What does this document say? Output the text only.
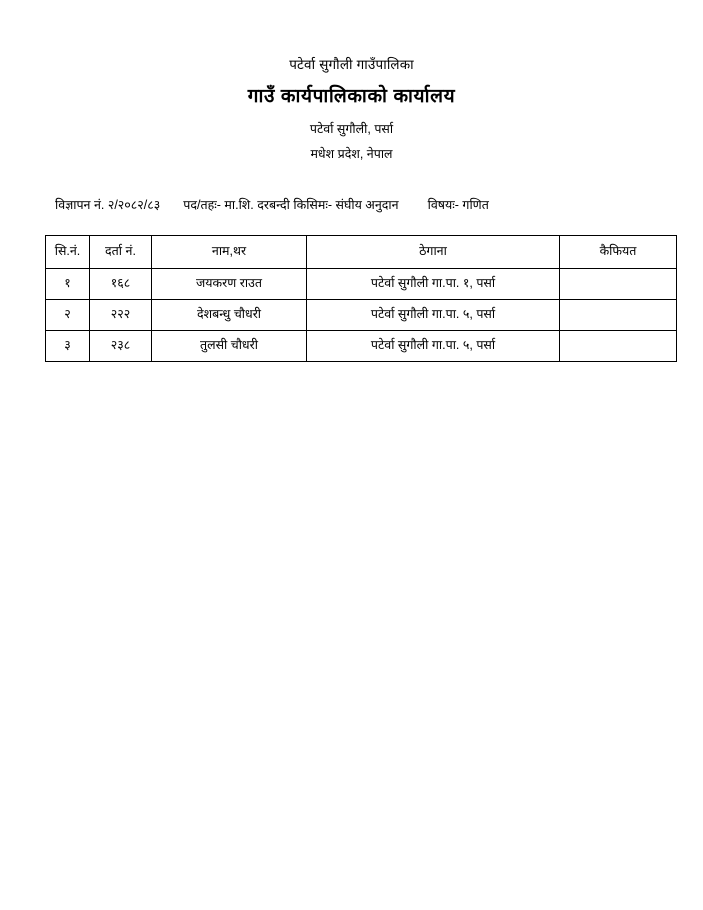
पटेर्वा सुगौली गाउँपालिका
गाउँ कार्यपालिकाको कार्यालय
पटेर्वा सुगौली, पर्सा
मधेश प्रदेश, नेपाल
विज्ञापन नं. २/२०८२/८३ पद/तहः- मा.शि. दरबन्दी किसिमः- संघीय अनुदान विषयः- गणित
सि.नं.	दर्ता नं.	नाम,थर	ठेगाना	कैफियत
१	१६८	जयकरण राउत	पटेर्वा सुगौली गा.पा. १, पर्सा	
२	२२२	देशबन्धु चौधरी	पटेर्वा सुगौली गा.पा. ५, पर्सा	
३	२३८	तुलसी चौधरी	पटेर्वा सुगौली गा.पा. ५, पर्सा	
